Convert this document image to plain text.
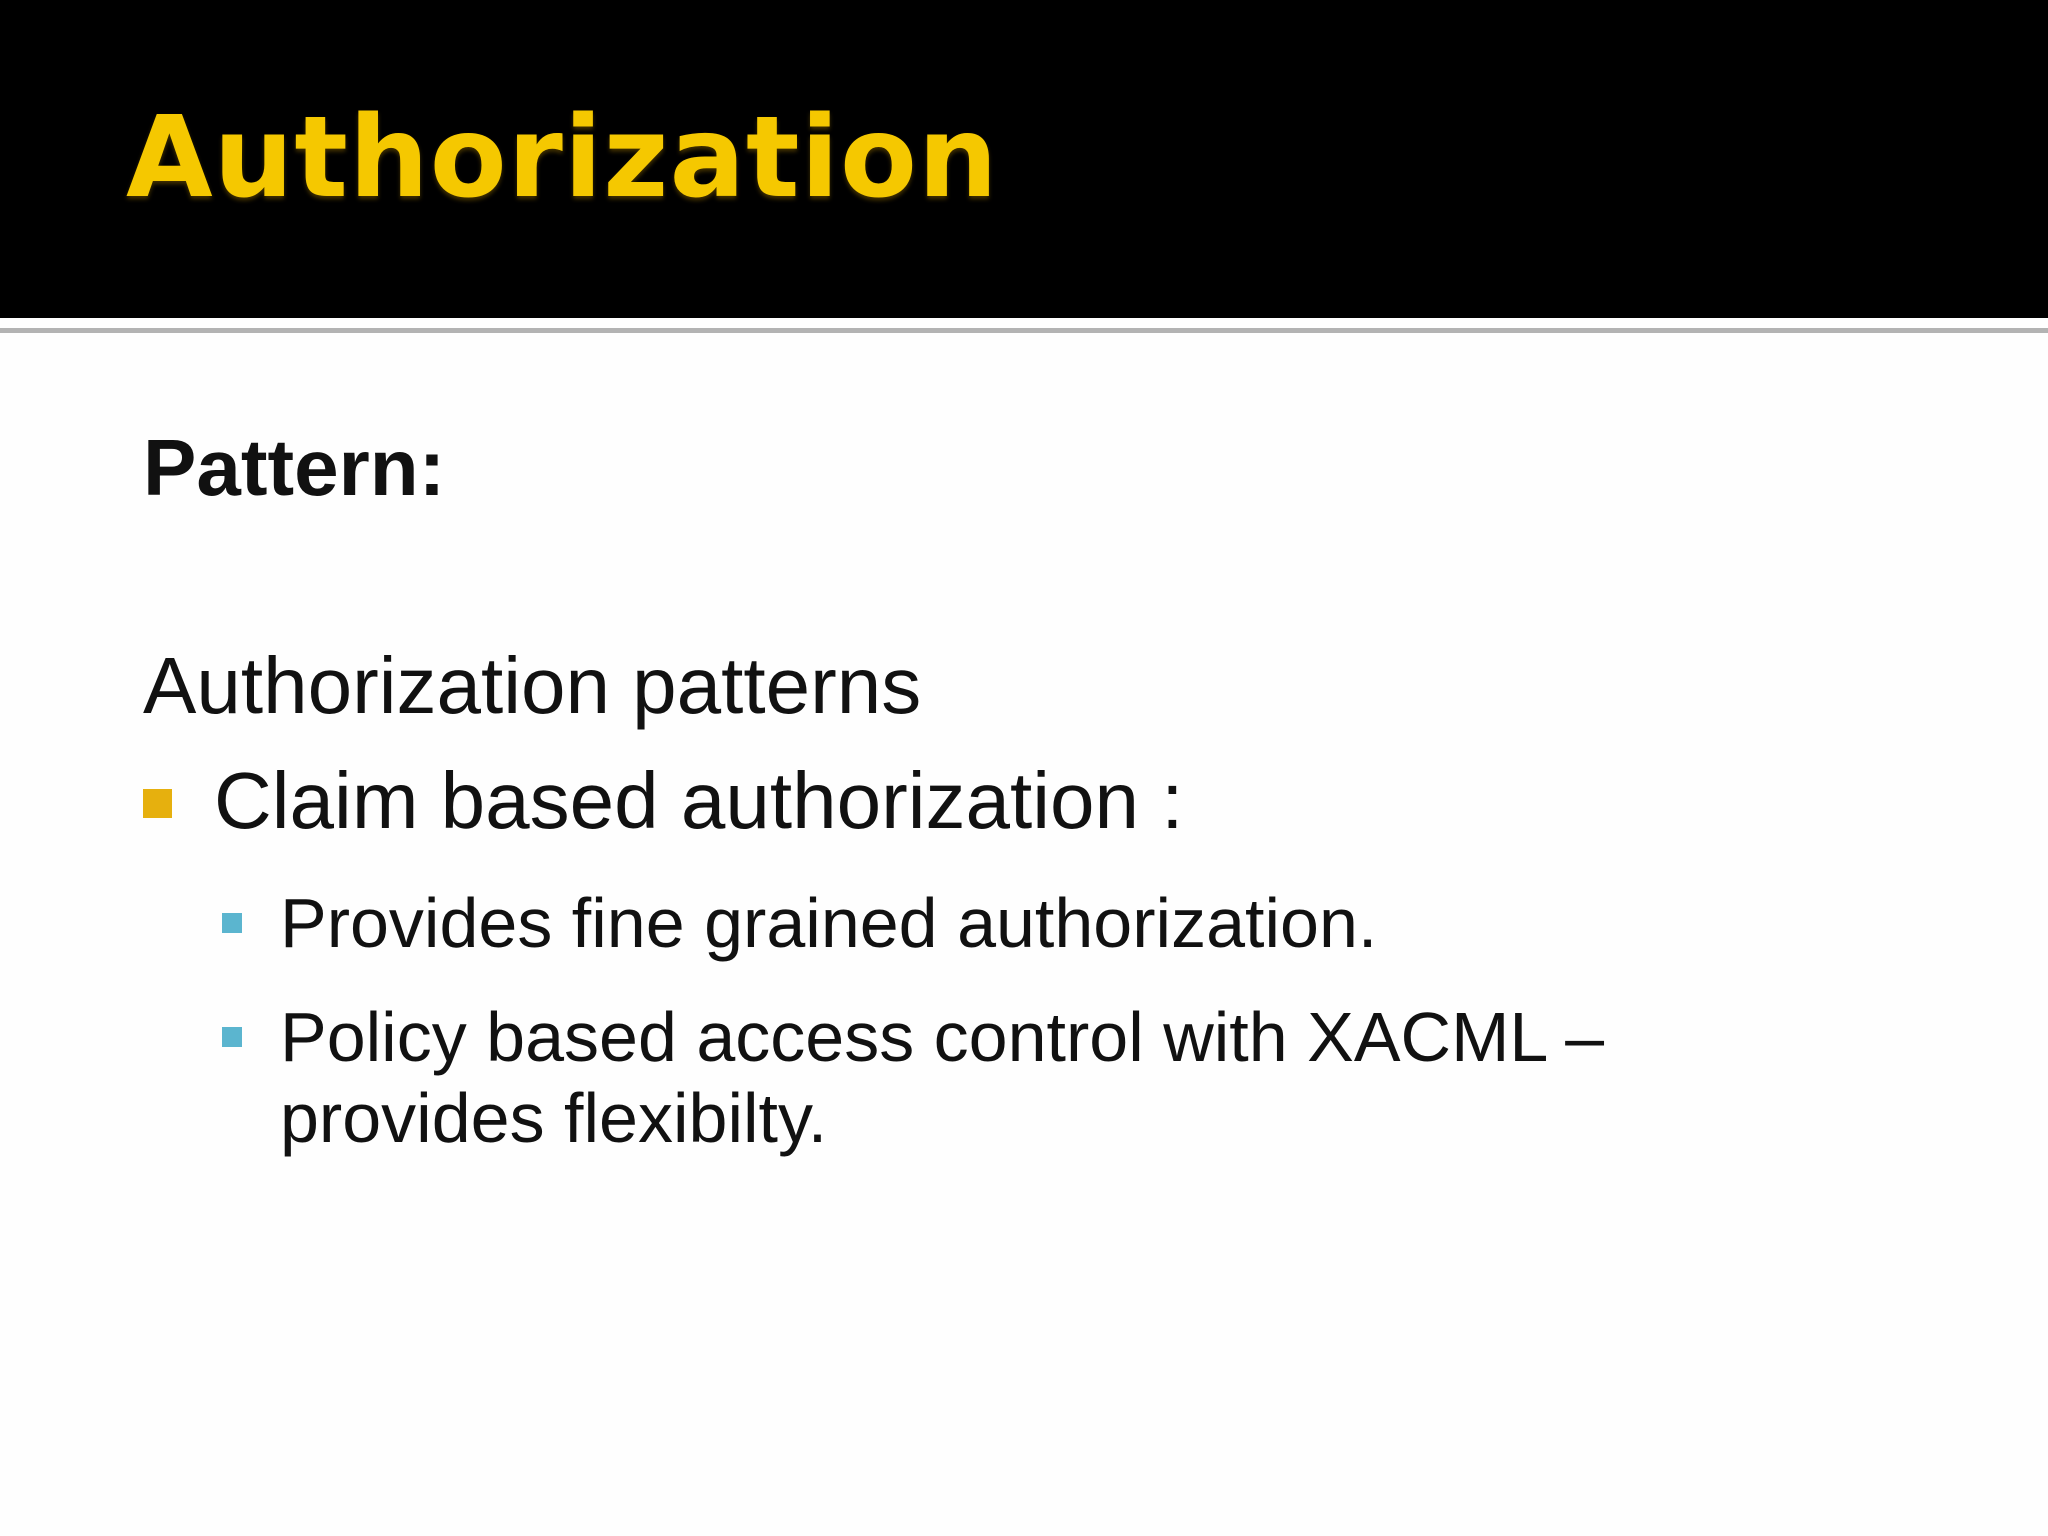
Authorization
Pattern:
Authorization patterns
Claim based authorization :
Provides fine grained authorization.
Policy based access control with XACML – provides flexibilty.
